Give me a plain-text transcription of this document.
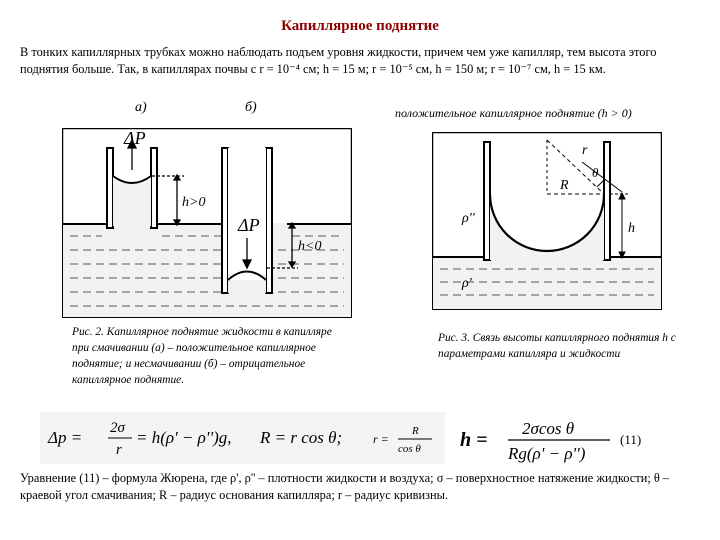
Капиллярное поднятие
В тонких капиллярных трубках можно наблюдать подъем уровня жидкости, причем чем уже капилляр, тем высота этого поднятия больше. Так, в капиллярах почвы с r = 10⁻⁴ см; h = 15 м; r = 10⁻⁵ см, h = 150 м; r = 10⁻⁷ см, h = 15 км.
а)	б)	положительное капиллярное поднятие (h > 0)
ΔP
ΔP
h>0
h<0
Рис. 2. Капиллярное поднятие жидкости в капилляре при смачивании (а) – положительное капиллярное поднятие; и несмачивании (б) – отрицательное капиллярное поднятие.
r
R
θ
ρ''
ρ'
h
Рис. 3. Связь высоты капиллярного поднятия h с параметрами капилляра и жидкости
Δp = 2σ
r
= h(ρ' − ρ'')g, R = r cos θ;	r =
R
cos θ h =
2σcos θ
Rg(ρ' − ρ'')
(11)
Уравнение (11) – формула Жюрена, где ρ', ρ'' – плотности жидкости и воздуха; σ – поверхностное натяжение жидкости; θ – краевой угол смачивания; R – радиус основания капилляра; r – радиус кривизны.
